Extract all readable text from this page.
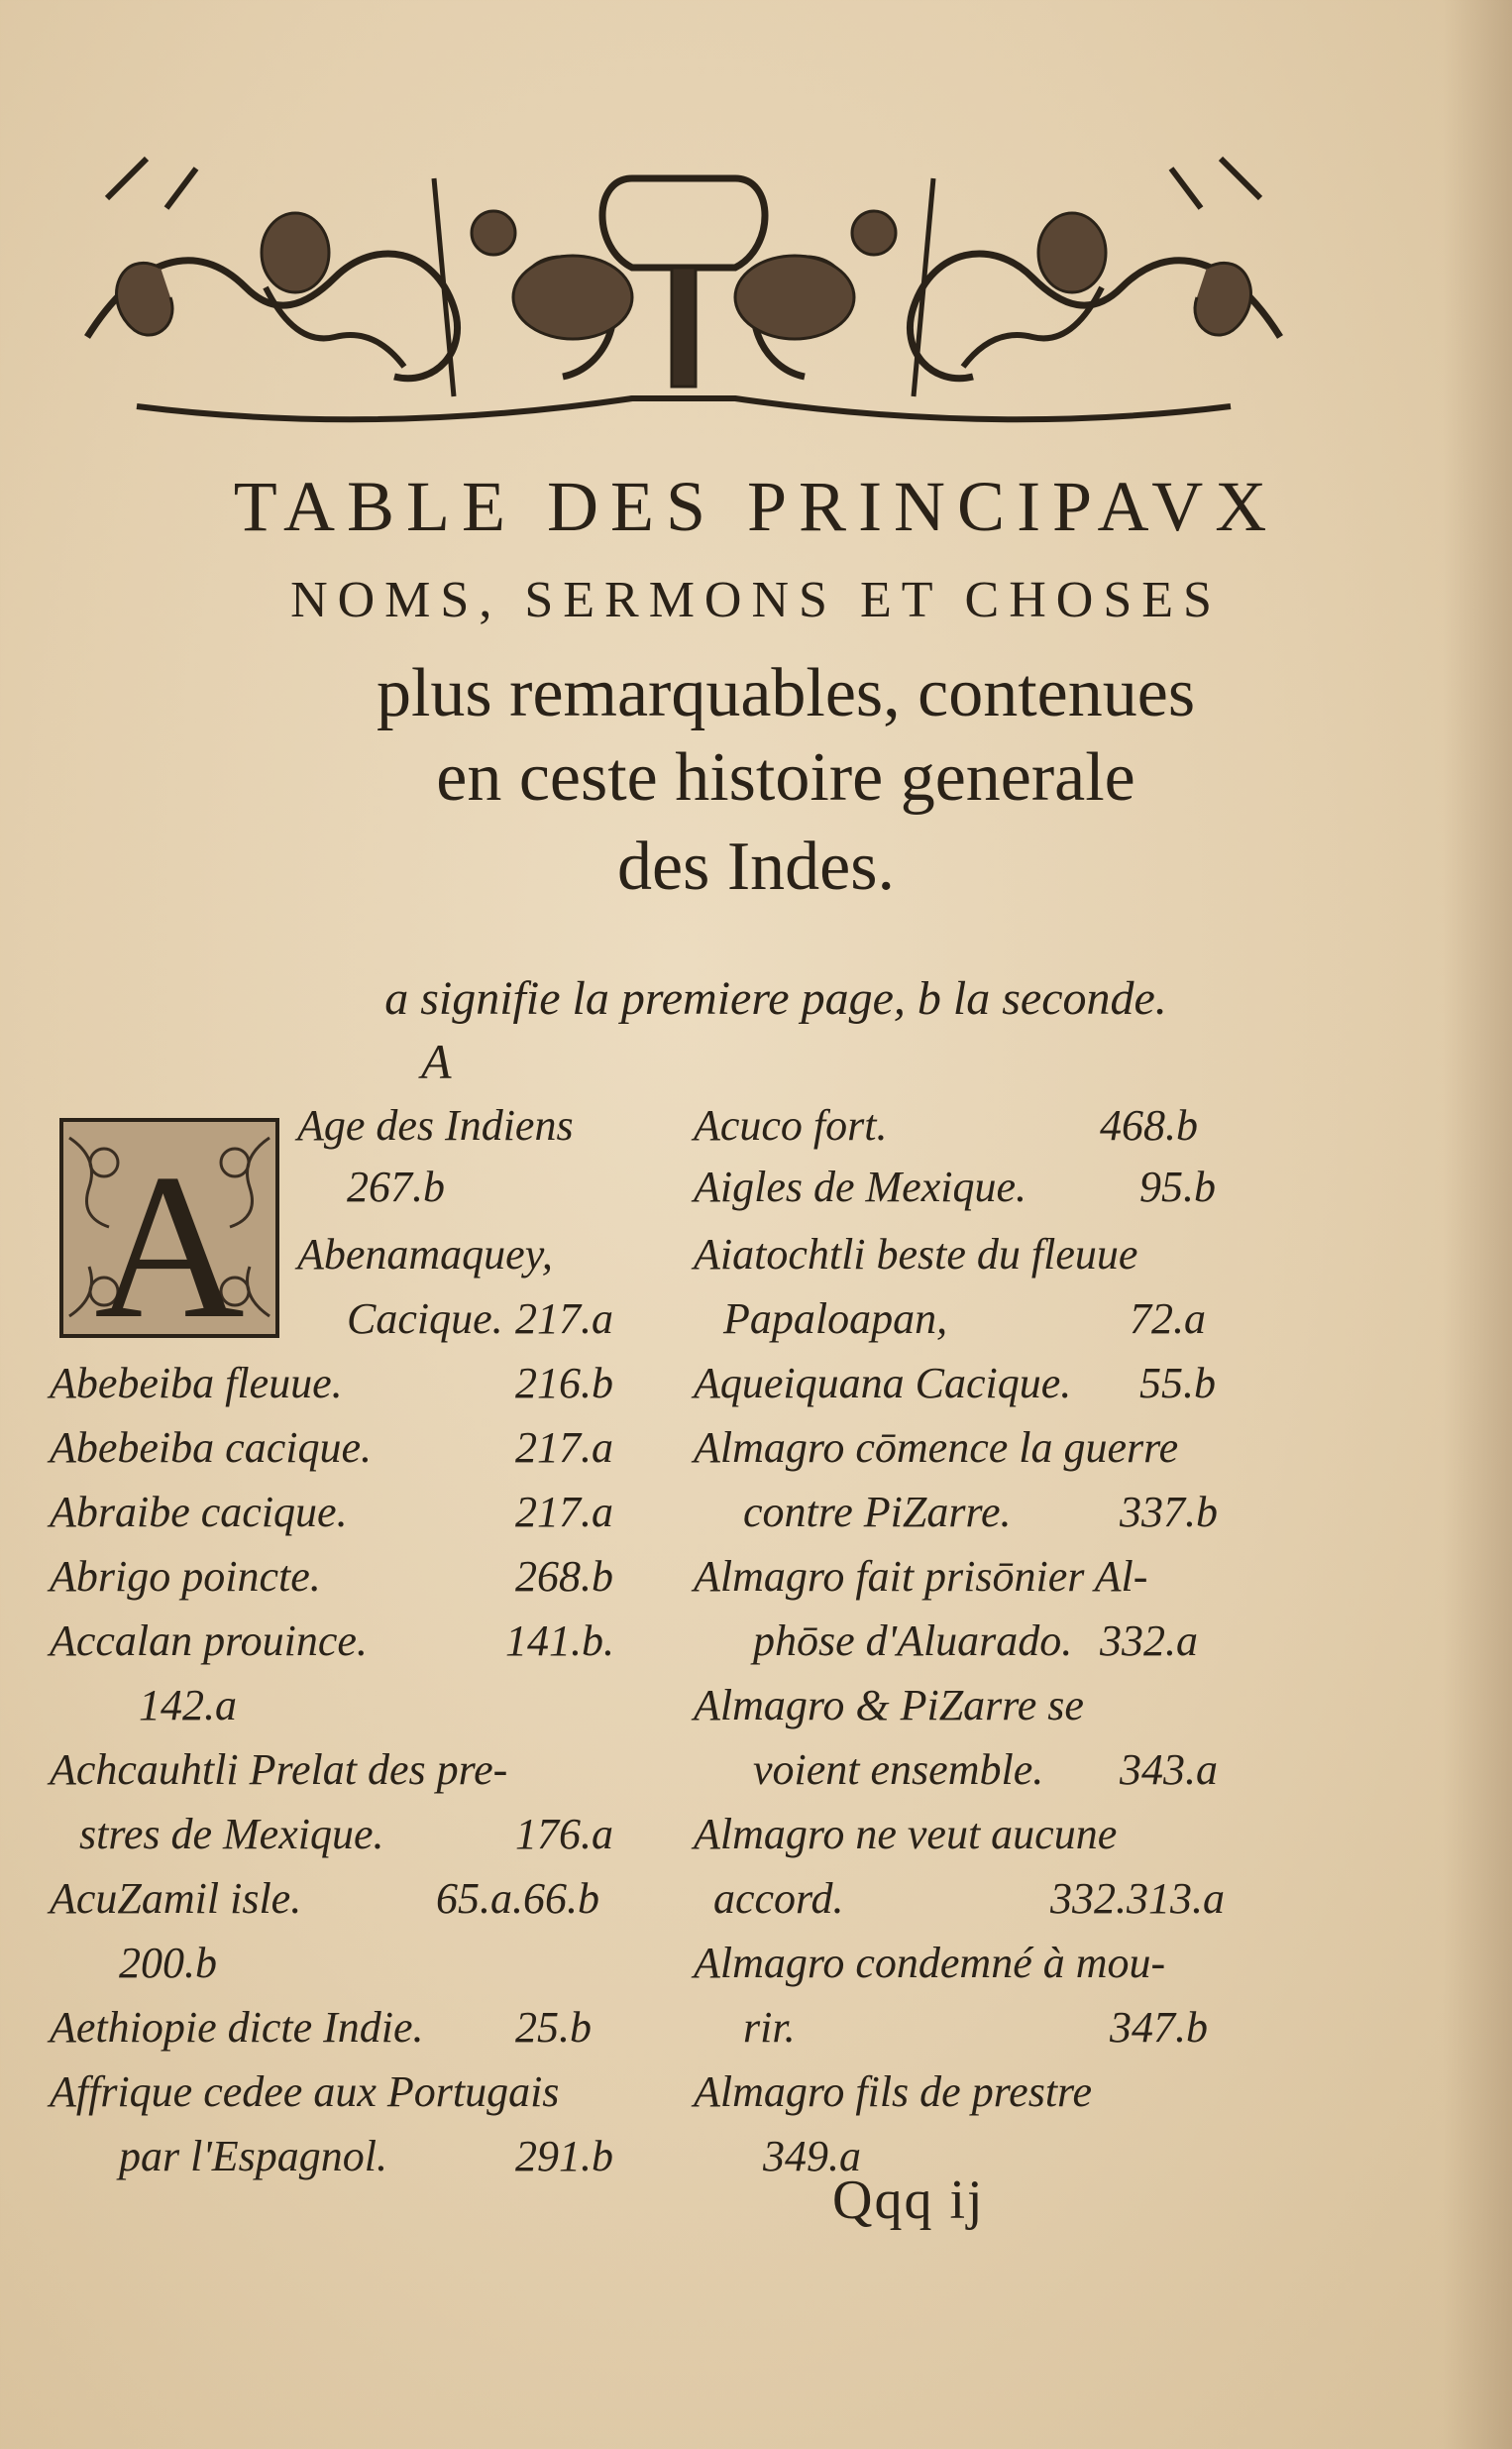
TABLE DES PRINCIPAVX
NOMS, SERMONS ET CHOSES
plus remarquables, contenues
en ceste histoire generale
des Indes.
a signifie la premiere page, b la seconde.
A
A
Age des Indiens
267.b
Abenamaquey,
Cacique. 217.a
Abebeiba fleuue.	216.b
Abebeiba cacique.	217.a
Abraibe cacique.	217.a
Abrigo poincte.	268.b
Accalan prouince.	141.b.
142.a
Achcauhtli Prelat des pre-
stres de Mexique.	176.a
AcuZamil isle.	65.a.66.b
200.b
Aethiopie dicte Indie. 25.b
Affrique cedee aux Portugais
par l'Espagnol.	291.b
Acuco fort.	468.b
Aigles de Mexique.	95.b
Aiatochtli beste du fleuue
Papaloapan,	72.a
Aqueiquana Cacique. 55.b
Almagro cōmence la guerre
contre PiZarre. 337.b
Almagro fait prisōnier Al-
phōse d'Aluarado. 332.a
Almagro & PiZarre se
voient ensemble. 343.a
Almagro ne veut aucune
accord.	332.313.a
Almagro condemné à mou-
rir.	347.b
Almagro fils de prestre
349.a
Qqq ij
